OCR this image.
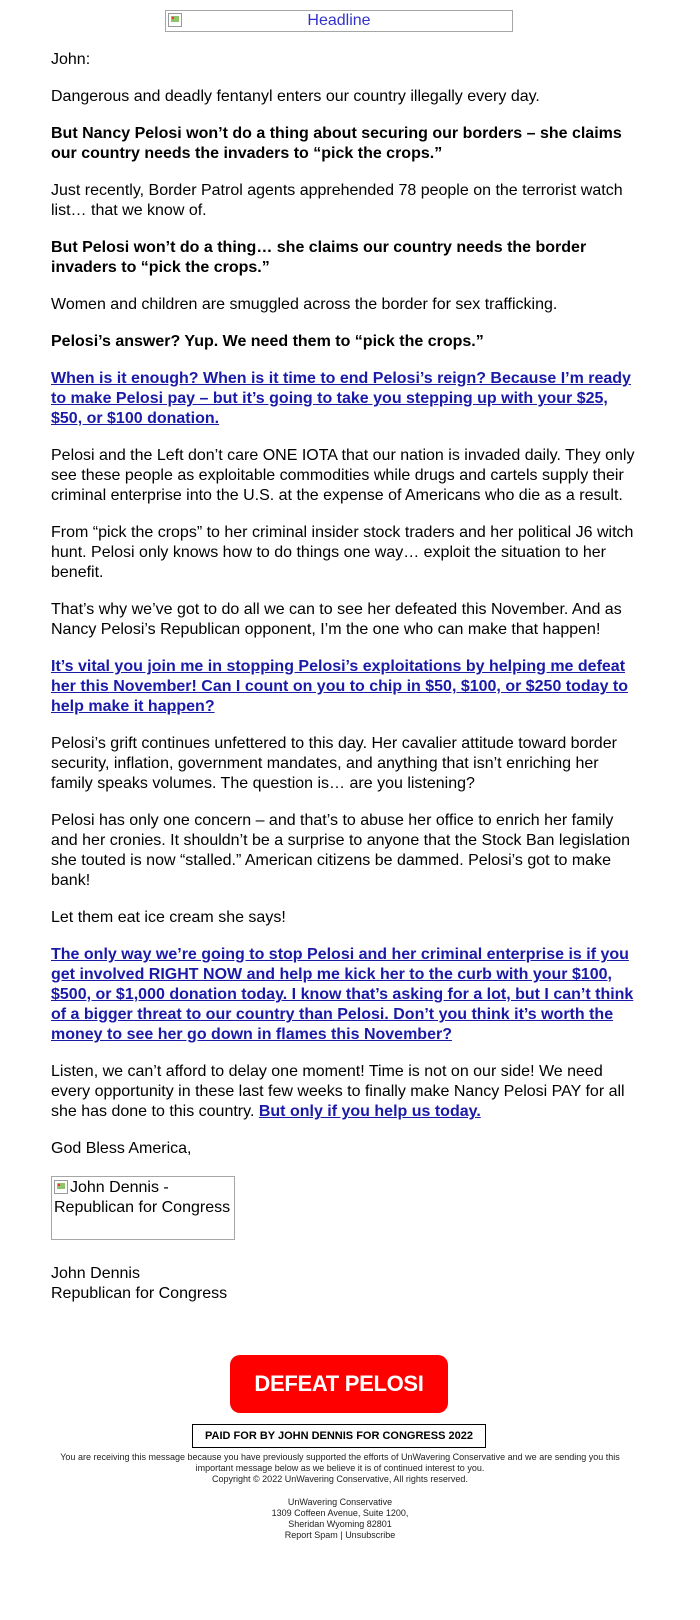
Headline

John:

Dangerous and deadly fentanyl enters our country illegally every day.

But Nancy Pelosi won’t do a thing about securing our borders – she claims our country needs the invaders to “pick the crops.”

Just recently, Border Patrol agents apprehended 78 people on the terrorist watch list… that we know of.

But Pelosi won’t do a thing… she claims our country needs the border invaders to “pick the crops.”

Women and children are smuggled across the border for sex trafficking.

Pelosi’s answer? Yup. We need them to “pick the crops.”

When is it enough? When is it time to end Pelosi’s reign? Because I’m ready to make Pelosi pay – but it’s going to take you stepping up with your $25, $50, or $100 donation.

Pelosi and the Left don’t care ONE IOTA that our nation is invaded daily. They only see these people as exploitable commodities while drugs and cartels supply their criminal enterprise into the U.S. at the expense of Americans who die as a result.

From “pick the crops” to her criminal insider stock traders and her political J6 witch hunt. Pelosi only knows how to do things one way… exploit the situation to her benefit.

That’s why we’ve got to do all we can to see her defeated this November. And as Nancy Pelosi’s Republican opponent, I’m the one who can make that happen!

It’s vital you join me in stopping Pelosi’s exploitations by helping me defeat her this November! Can I count on you to chip in $50, $100, or $250 today to help make it happen?

Pelosi’s grift continues unfettered to this day. Her cavalier attitude toward border security, inflation, government mandates, and anything that isn’t enriching her family speaks volumes. The question is… are you listening?

Pelosi has only one concern – and that’s to abuse her office to enrich her family and her cronies. It shouldn’t be a surprise to anyone that the Stock Ban legislation she touted is now “stalled.” American citizens be dammed. Pelosi’s got to make bank!

Let them eat ice cream she says!

The only way we’re going to stop Pelosi and her criminal enterprise is if you get involved RIGHT NOW and help me kick her to the curb with your $100, $500, or $1,000 donation today. I know that’s asking for a lot, but I can’t think of a bigger threat to our country than Pelosi. Don’t you think it’s worth the money to see her go down in flames this November?

Listen, we can’t afford to delay one moment! Time is not on our side! We need every opportunity in these last few weeks to finally make Nancy Pelosi PAY for all she has done to this country. But only if you help us today.

God Bless America,

John Dennis - Republican for Congress
John Dennis
Republican for Congress
DEFEAT PELOSI
PAID FOR BY JOHN DENNIS FOR CONGRESS 2022
You are receiving this message because you have previously supported the efforts of UnWavering Conservative and we are sending you this important message below as we believe it is of continued interest to you.
Copyright © 2022 UnWavering Conservative, All rights reserved.
UnWavering Conservative
1309 Coffeen Avenue, Suite 1200,
Sheridan Wyoming 82801
Report Spam | Unsubscribe
